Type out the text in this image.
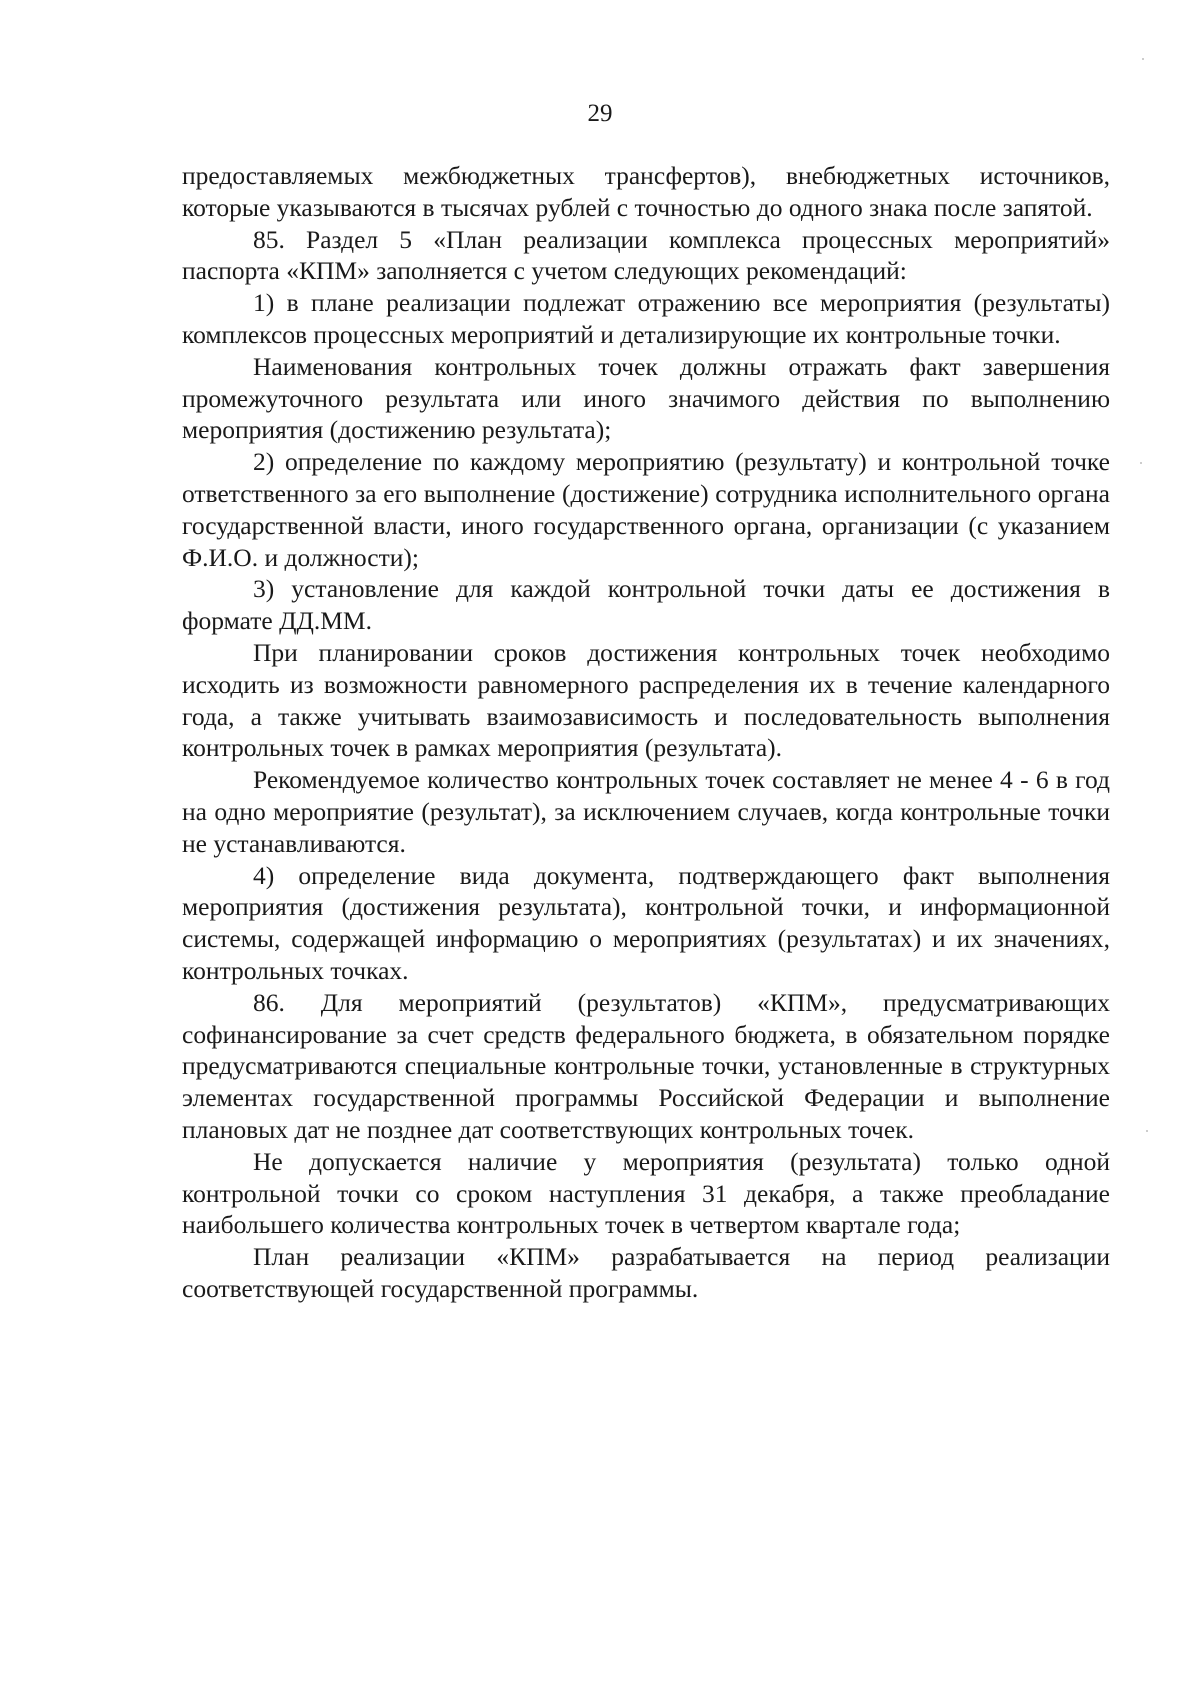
29

предоставляемых межбюджетных трансфертов), внебюджетных источников, которые указываются в тысячах рублей с точностью до одного знака после запятой.

85. Раздел 5 «План реализации комплекса процессных мероприятий» паспорта «КПМ» заполняется с учетом следующих рекомендаций:

1) в плане реализации подлежат отражению все мероприятия (результаты) комплексов процессных мероприятий и детализирующие их контрольные точки.

Наименования контрольных точек должны отражать факт завершения промежуточного результата или иного значимого действия по выполнению мероприятия (достижению результата);

2) определение по каждому мероприятию (результату) и контрольной точке ответственного за его выполнение (достижение) сотрудника исполнительного органа государственной власти, иного государственного органа, организации (с указанием Ф.И.О. и должности);

3) установление для каждой контрольной точки даты ее достижения в формате ДД.ММ.

При планировании сроков достижения контрольных точек необходимо исходить из возможности равномерного распределения их в течение календарного года, а также учитывать взаимозависимость и последовательность выполнения контрольных точек в рамках мероприятия (результата).

Рекомендуемое количество контрольных точек составляет не менее 4 - 6 в год на одно мероприятие (результат), за исключением случаев, когда контрольные точки не устанавливаются.

4) определение вида документа, подтверждающего факт выполнения мероприятия (достижения результата), контрольной точки, и информационной системы, содержащей информацию о мероприятиях (результатах) и их значениях, контрольных точках.

86. Для мероприятий (результатов) «КПМ», предусматривающих софинансирование за счет средств федерального бюджета, в обязательном порядке предусматриваются специальные контрольные точки, установленные в структурных элементах государственной программы Российской Федерации и выполнение плановых дат не позднее дат соответствующих контрольных точек.

Не допускается наличие у мероприятия (результата) только одной контрольной точки со сроком наступления 31 декабря, а также преобладание наибольшего количества контрольных точек в четвертом квартале года;

План реализации «КПМ» разрабатывается на период реализации соответствующей государственной программы.
